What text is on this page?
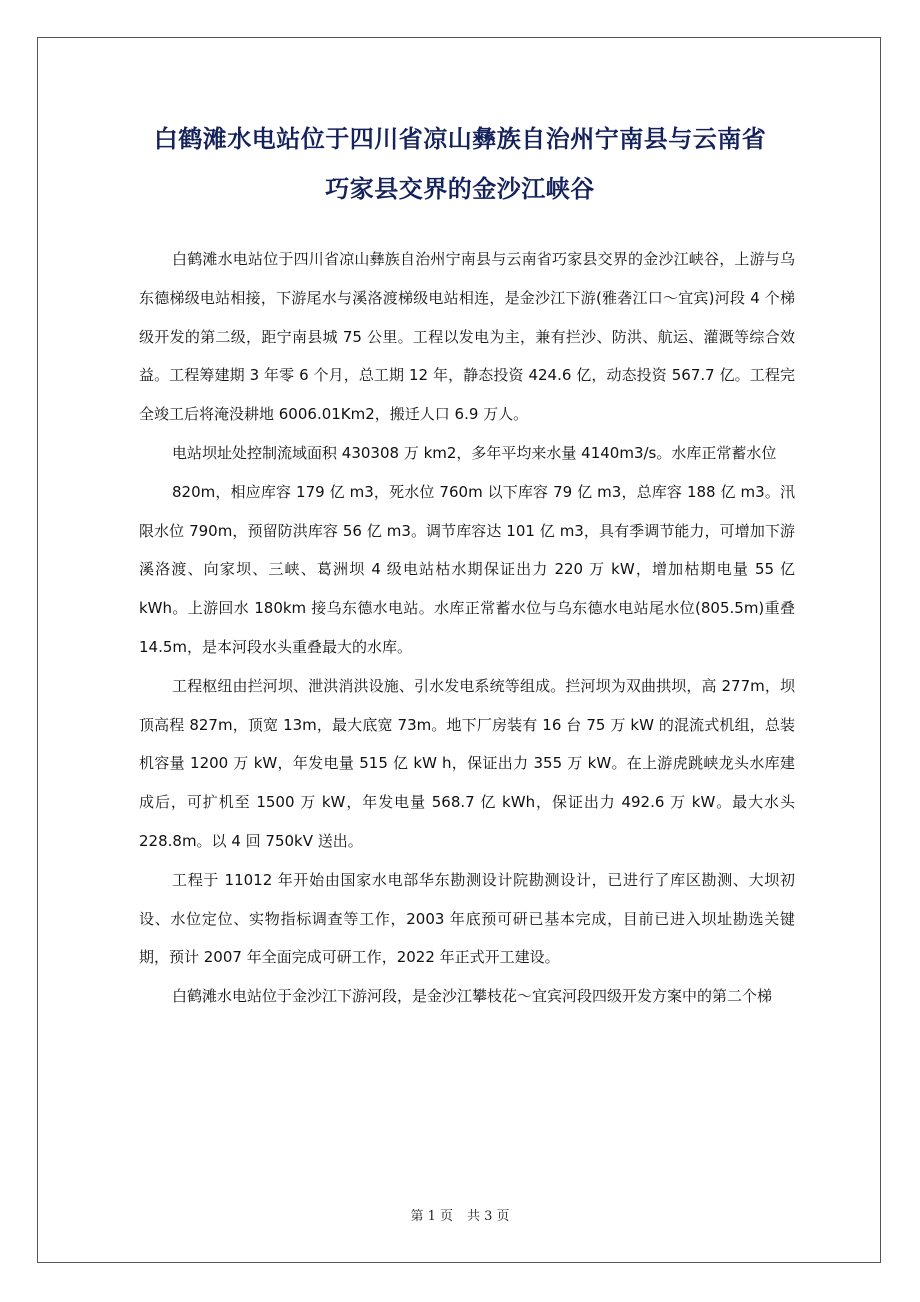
白鹤滩水电站位于四川省凉山彝族自治州宁南县与云南省
巧家县交界的金沙江峡谷

白鹤滩水电站位于四川省凉山彝族自治州宁南县与云南省巧家县交界的金沙江峡谷，上游与乌东德梯级电站相接，下游尾水与溪洛渡梯级电站相连，是金沙江下游(雅砻江口～宜宾)河段 4 个梯级开发的第二级，距宁南县城 75 公里。工程以发电为主，兼有拦沙、防洪、航运、灌溉等综合效益。工程筹建期 3 年零 6 个月，总工期 12 年，静态投资 424.6 亿，动态投资 567.7 亿。工程完全竣工后将淹没耕地 6006.01Km2，搬迁人口 6.9 万人。

电站坝址处控制流域面积 430308 万 km2，多年平均来水量 4140m3/s。水库正常蓄水位

820m，相应库容 179 亿 m3，死水位 760m 以下库容 79 亿 m3，总库容 188 亿 m3。汛限水位 790m，预留防洪库容 56 亿 m3。调节库容达 101 亿 m3，具有季调节能力，可增加下游溪洛渡、向家坝、三峡、葛洲坝 4 级电站枯水期保证出力 220 万 kW，增加枯期电量 55 亿 kWh。上游回水 180km 接乌东德水电站。水库正常蓄水位与乌东德水电站尾水位(805.5m)重叠 14.5m，是本河段水头重叠最大的水库。

工程枢纽由拦河坝、泄洪消洪设施、引水发电系统等组成。拦河坝为双曲拱坝，高 277m，坝顶高程 827m，顶宽 13m，最大底宽 73m。地下厂房装有 16 台 75 万 kW 的混流式机组，总装机容量 1200 万 kW，年发电量 515 亿 kW h，保证出力 355 万 kW。在上游虎跳峡龙头水库建成后，可扩机至 1500 万 kW，年发电量 568.7 亿 kWh，保证出力 492.6 万 kW。最大水头 228.8m。以 4 回 750kV 送出。

工程于 11012 年开始由国家水电部华东勘测设计院勘测设计，已进行了库区勘测、大坝初设、水位定位、实物指标调查等工作，2003 年底预可研已基本完成，目前已进入坝址勘选关键期，预计 2007 年全面完成可研工作，2022 年正式开工建设。

白鹤滩水电站位于金沙江下游河段，是金沙江攀枝花～宜宾河段四级开发方案中的第二个梯

第 1 页 共 3 页
